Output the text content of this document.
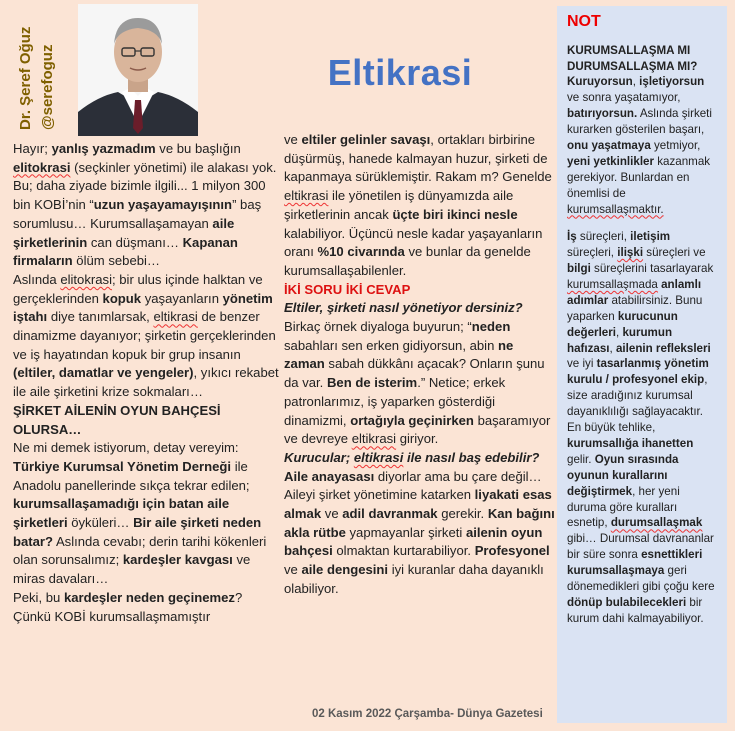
Dr. Şeref Oğuz @serefoguz	Eltikrasi

Hayır; yanlış yazmadım ve bu başlığın elitokrasi (seçkinler yönetimi) ile alakası yok. Bu; daha ziyade bizimle ilgili... 1 milyon 300 bin KOBİ’nin “uzun yaşayamayışının” baş sorumlusu… Kurumsallaşamayan aile şirketlerinin can düşmanı… Kapanan firmaların ölüm sebebi…

Aslında elitokrasi; bir ulus içinde halktan ve

gerçeklerinden kopuk yaşayanların yönetim iştahı diye tanımlarsak, eltikrasi de benzer dinamizme dayanıyor; şirketin gerçeklerinden ve iş hayatından kopuk bir grup insanın (eltiler, damatlar ve yengeler), yıkıcı rekabet ile aile şirketini krize sokmaları…

ŞİRKET AİLENİN OYUN BAHÇESİ OLURSA…

Ne mi demek istiyorum, detay vereyim: Türkiye Kurumsal Yönetim Derneği ile Anadolu panellerinde sıkça tekrar edilen; kurumsallaşamadığı için batan aile şirketleri öyküleri… Bir aile şirketi neden batar? Aslında cevabı; derin tarihi kökenleri olan sorunsalımız; kardeşler kavgası ve miras davaları…

Peki, bu kardeşler neden geçinemez? Çünkü KOBİ kurumsallaşmamıştır

ve eltiler gelinler savaşı, ortakları birbirine düşürmüş, hanede kalmayan huzur, şirketi de kapanmaya sürüklemiştir. Rakam m? Genelde eltikrasi ile yönetilen iş dünyamızda aile şirketlerinin ancak üçte biri ikinci nesle kalabiliyor. Üçüncü nesle kadar yaşayanların oranı %10 civarında ve bunlar da genelde kurumsallaşabilenler.

İKİ SORU İKİ CEVAP

Eltiler, şirketi nasıl yönetiyor dersiniz? Birkaç örnek diyaloga buyurun; “neden sabahları sen erken gidiyorsun, abin ne zaman sabah dükkânı açacak? Onların şunu da var. Ben de isterim.” Netice; erkek patronlarımız, iş yaparken gösterdiği dinamizmi, ortağıyla geçinirken başaramıyor ve devreye eltikrasi giriyor.

Kurucular; eltikrasi ile nasıl baş edebilir?

Aile anayasası diyorlar ama bu çare değil… Aileyi şirket yönetimine katarken liyakati esas almak ve adil davranmak gerekir. Kan bağını akla rütbe yapmayanlar şirketi ailenin oyun bahçesi olmaktan kurtarabiliyor. Profesyonel ve aile dengesini iyi kuranlar daha dayanıklı olabiliyor.

02 Kasım 2022 Çarşamba- Dünya Gazetesi
NOT

KURUMSALLAŞMA MI DURUMSALLAŞMA MI? Kuruyorsun, işletiyorsun ve sonra yaşatamıyor, batırıyorsun. Aslında şirketi kurarken gösterilen başarı, onu yaşatmaya yetmiyor, yeni yetkinlikler kazanmak gerekiyor. Bunlardan en önemlisi de kurumsallaşmaktır.

İş süreçleri, iletişim süreçleri, ilişki süreçleri ve bilgi süreçlerini tasarlayarak kurumsallaşmada anlamlı adımlar atabilirsiniz. Bunu yaparken kurucunun değerleri, kurumun hafızası, ailenin refleksleri ve iyi tasarlanmış yönetim kurulu / profesyonel ekip, size aradığınız kurumsal dayanıklılığı sağlayacaktır. En büyük tehlike, kurumsallığa ihanetten gelir. Oyun sırasında oyunun kurallarını değiştirmek, her yeni duruma göre kuralları esnetip, durumsallaşmak gibi… Durumsal davrananlar bir süre sonra esnettikleri kurumsallaşmaya geri dönemedikleri gibi çoğu kere dönüp bulabilecekleri bir kurum dahi kalmayabiliyor.
